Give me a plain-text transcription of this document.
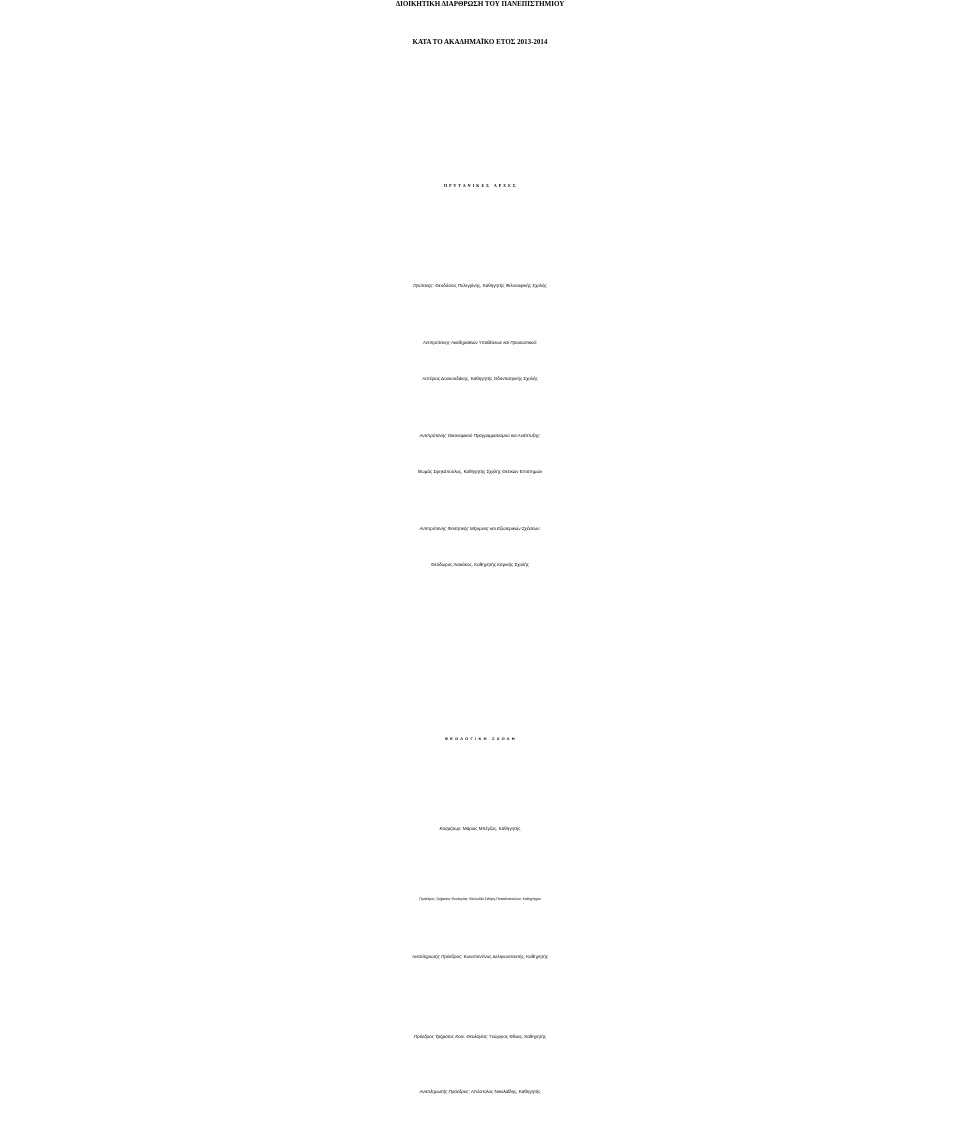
ΔΙΟΙΚΗΤΙΚΗ ΔΙΑΡΘΡΩΣΗ ΤΟΥ ΠΑΝΕΠΙΣΤΗΜΙΟΥ
ΚΑΤΑ ΤΟ ΑΚΑΔΗΜΑΪΚΟ ΕΤΟΣ 2013-2014
Π Ρ Υ Τ Α Ν Ι Κ Ε Σ   Α Ρ Χ Ε Σ
Πρύτανης: Θεοδόσιος Πελεγρίνης, Καθηγητής Φιλοσοφικής Σχολής
Αντιπρύτανης Ακαδημαϊκών Υποθέσεων και Προσωπικού:
Αστέριος Δουκουδάκης, Καθηγητής Οδοντιατρικής Σχολής
Αντιπρύτανης Οικονομικού Προγραμματισμού και Ανάπτυξης:
Θωμάς Σφηκόπουλος, Καθηγητής Σχολής Θετικών Επιστημών
Αντιπρύτανης Φοιτητικής Μέριμνας και Εξωτερικών Σχέσεων:
Θεόδωρος Λιακάκος, Καθηγητής Ιατρικής Σχολής
Θ Ε Ο Λ Ο Γ Ι Κ Η   Σ Χ Ο Λ Η
Κοσμήτωρ: Μάριος Μπέγζος, Καθηγητής
Πρόεδρος Τμήματος Θεολογίας: Βελουδία Σιδέρη-Παπαδοπούλου, Καθηγήτρια
Αναπληρωτής Πρόεδρος: Κωνσταντίνος Δεληκωσταντής, Καθηγητής
Πρόεδρος Τμήματος Κοιν. Θεολογίας: Γεώργιος Φίλιας, Καθηγητής
Αναπληρωτής Πρόεδρος: Απόστολος Νικολαΐδης, Καθηγητής
